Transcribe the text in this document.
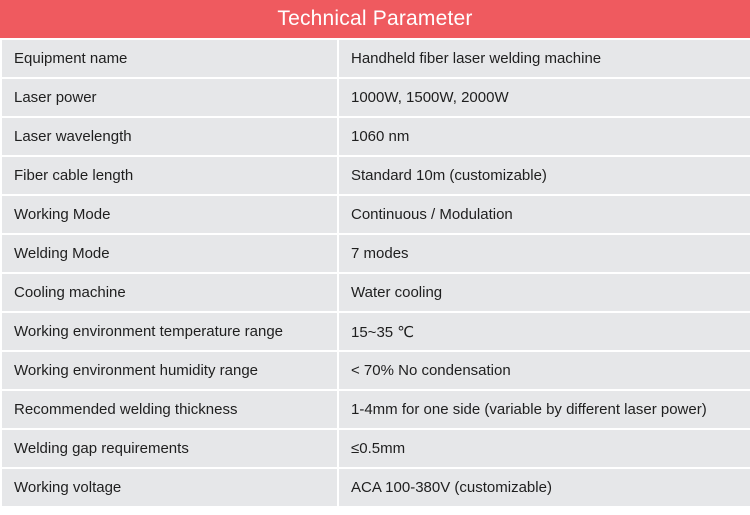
Technical Parameter
Equipment name	Handheld fiber laser welding machine
Laser power	1000W, 1500W, 2000W
Laser wavelength	1060 nm
Fiber cable length	Standard 10m (customizable)
Working Mode	Continuous / Modulation
Welding Mode	7 modes
Cooling machine	Water cooling
Working environment temperature range	15~35 ℃
Working environment humidity range	< 70% No condensation
Recommended welding thickness	1-4mm for one side (variable by different laser power)
Welding gap requirements	≤0.5mm
Working voltage	ACA 100-380V (customizable)
